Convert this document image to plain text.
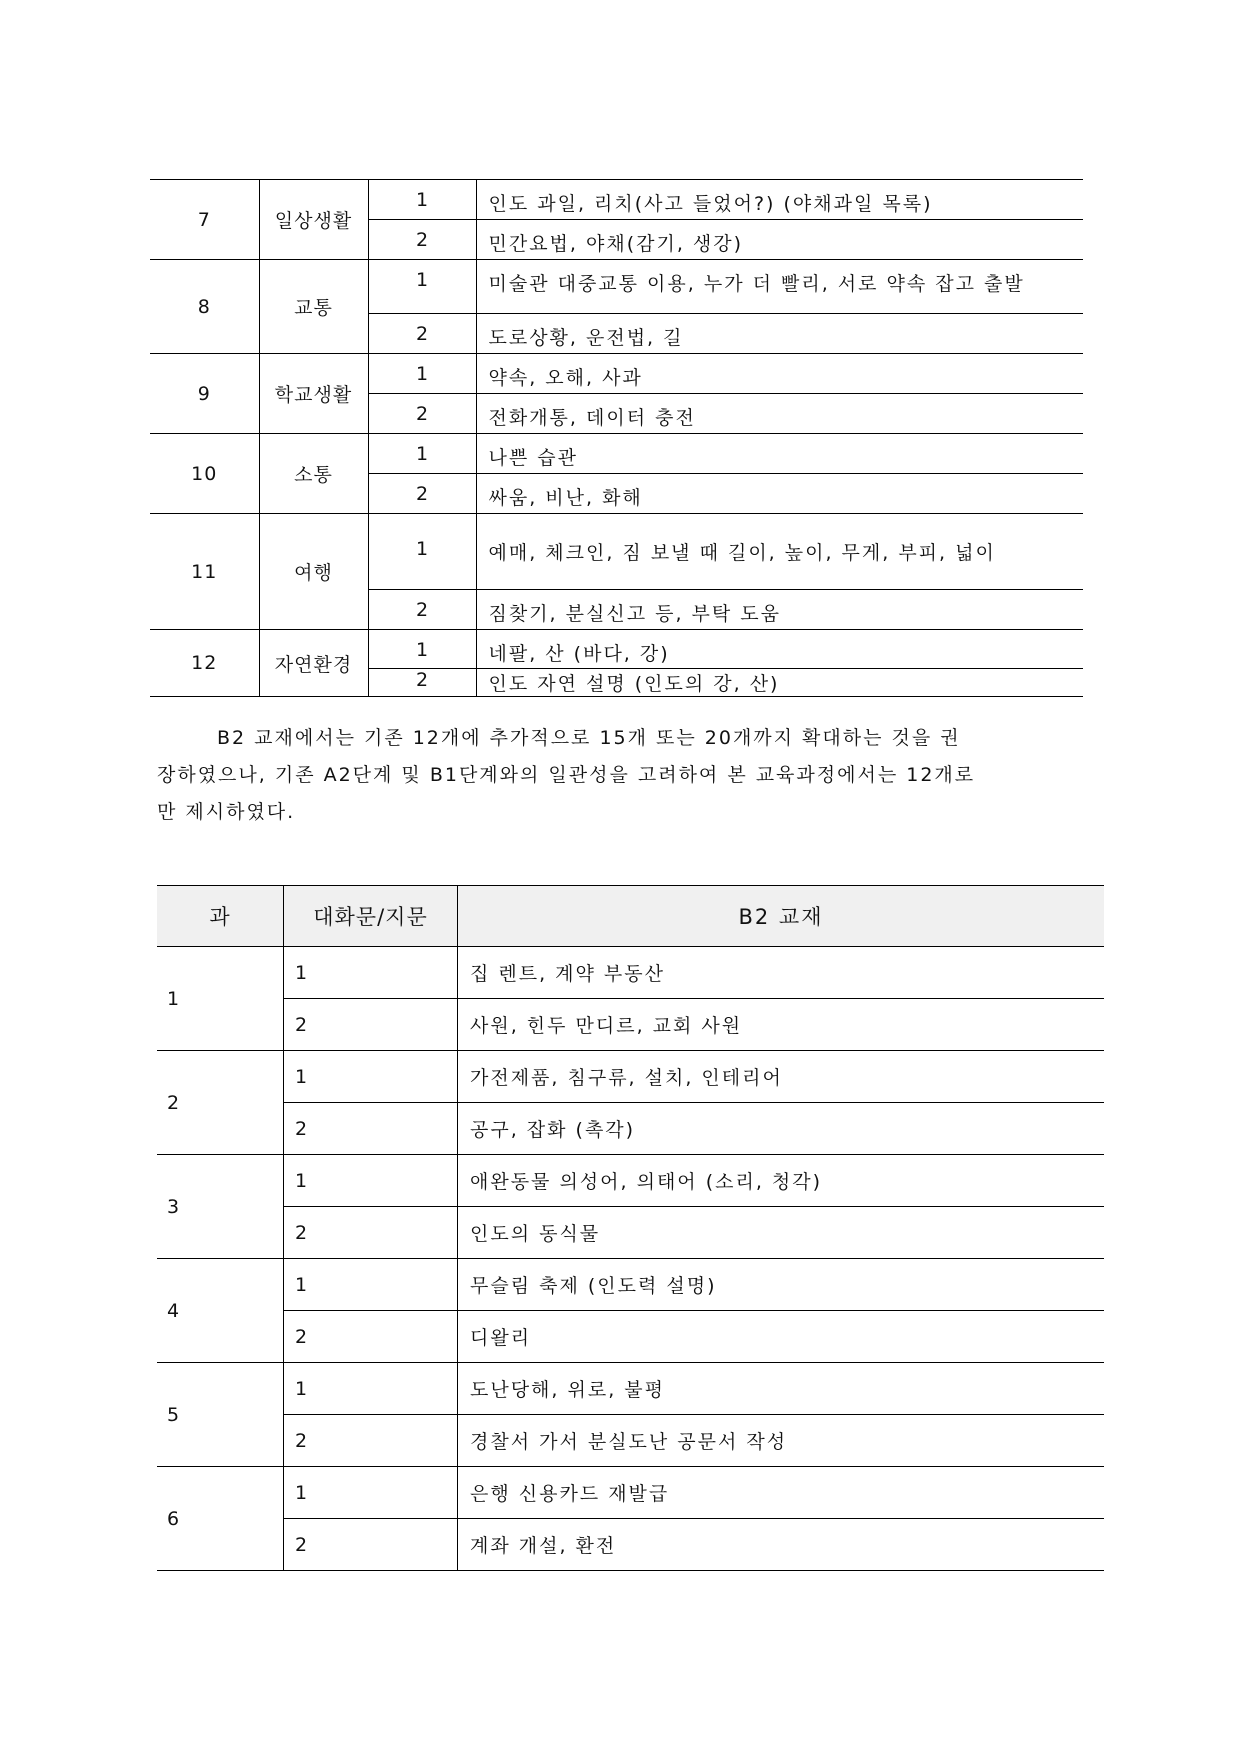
7	일상생활	1	인도 과일, 리치(사고 들었어?) (야채과일 목록)
		2	민간요법, 야채(감기, 생강)
8	교통	1	미술관 대중교통 이용, 누가 더 빨리, 서로 약속 잡고 출발
		2	도로상황, 운전법, 길
9	학교생활	1	약속, 오해, 사과
		2	전화개통, 데이터 충전
10	소통	1	나쁜 습관
		2	싸움, 비난, 화해
11	여행	1	예매, 체크인, 짐 보낼 때 길이, 높이, 무게, 부피, 넓이
		2	짐찾기, 분실신고 등, 부탁 도움
12	자연환경	1	네팔, 산 (바다, 강)
		2	인도 자연 설명 (인도의 강, 산)

B2 교재에서는 기존 12개에 추가적으로 15개 또는 20개까지 확대하는 것을 권
장하였으나, 기존 A2단계 및 B1단계와의 일관성을 고려하여 본 교육과정에서는 12개로
만 제시하였다.

과	대화문/지문	B2 교재
1	1	집 렌트, 계약 부동산
	2	사원, 힌두 만디르, 교회 사원
2	1	가전제품, 침구류, 설치, 인테리어
	2	공구, 잡화 (촉각)
3	1	애완동물 의성어, 의태어 (소리, 청각)
	2	인도의 동식물
4	1	무슬림 축제 (인도력 설명)
	2	디왈리
5	1	도난당해, 위로, 불평
	2	경찰서 가서 분실도난 공문서 작성
6	1	은행 신용카드 재발급
	2	계좌 개설, 환전
